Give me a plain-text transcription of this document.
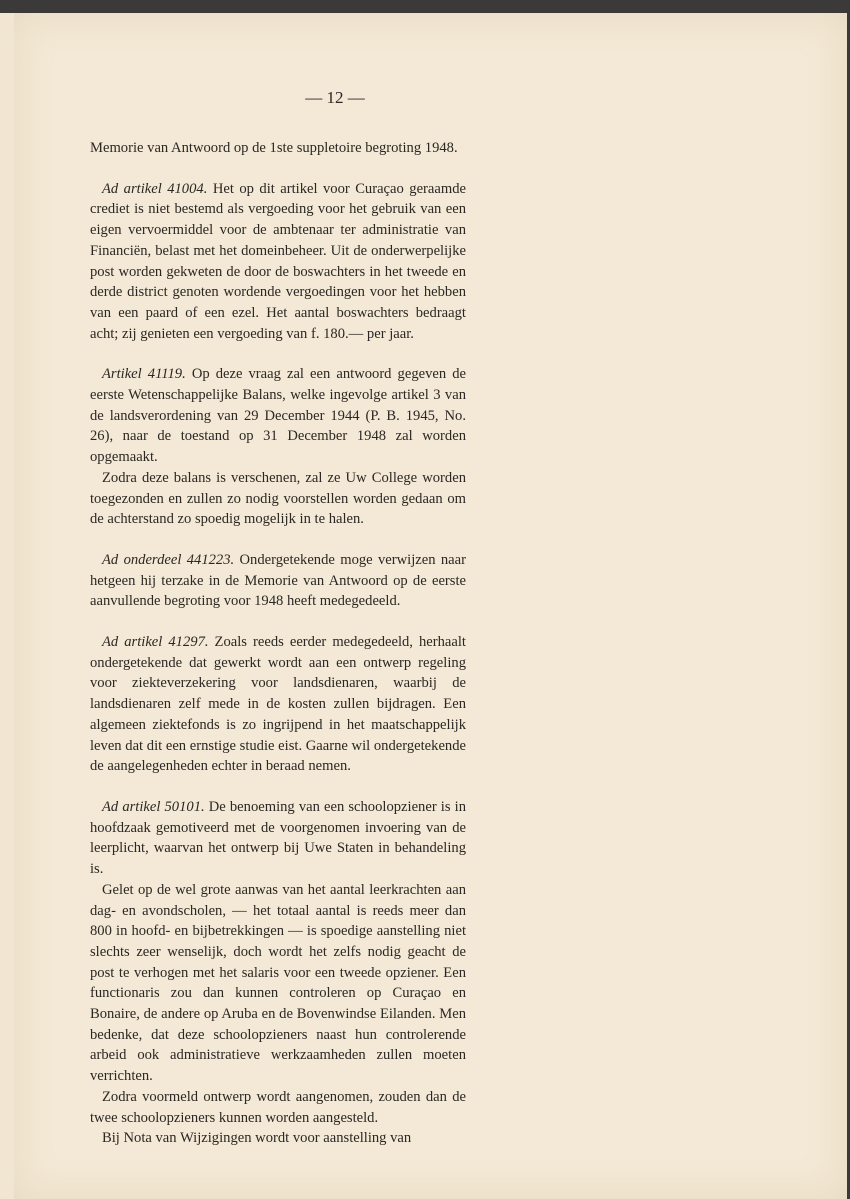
— 12 —

Memorie van Antwoord op de 1ste suppletoire begroting 1948.

Ad artikel 41004. Het op dit artikel voor Curaçao geraamde crediet is niet bestemd als vergoeding voor het gebruik van een eigen vervoermiddel voor de ambtenaar ter administratie van Financiën, belast met het domeinbeheer. Uit de onderwerpelijke post worden gekweten de door de boswachters in het tweede en derde district genoten wordende vergoedingen voor het hebben van een paard of een ezel. Het aantal boswachters bedraagt acht; zij genieten een vergoeding van f. 180.— per jaar.

Artikel 41119. Op deze vraag zal een antwoord gegeven de eerste Wetenschappelijke Balans, welke ingevolge artikel 3 van de landsverordening van 29 December 1944 (P. B. 1945, No. 26), naar de toestand op 31 December 1948 zal worden opgemaakt.

Zodra deze balans is verschenen, zal ze Uw College worden toegezonden en zullen zo nodig voorstellen worden gedaan om de achterstand zo spoedig mogelijk in te halen.

Ad onderdeel 441223. Ondergetekende moge verwijzen naar hetgeen hij terzake in de Memorie van Antwoord op de eerste aanvullende begroting voor 1948 heeft medegedeeld.

Ad artikel 41297. Zoals reeds eerder medegedeeld, herhaalt ondergetekende dat gewerkt wordt aan een ontwerp regeling voor ziekteverzekering voor landsdienaren, waarbij de landsdienaren zelf mede in de kosten zullen bijdragen. Een algemeen ziektefonds is zo ingrijpend in het maatschappelijk leven dat dit een ernstige studie eist. Gaarne wil ondergetekende de aangelegenheden echter in beraad nemen.

Ad artikel 50101. De benoeming van een schoolopziener is in hoofdzaak gemotiveerd met de voorgenomen invoering van de leerplicht, waarvan het ontwerp bij Uwe Staten in behandeling is.

Gelet op de wel grote aanwas van het aantal leerkrachten aan dag- en avondscholen, — het totaal aantal is reeds meer dan 800 in hoofd- en bijbetrekkingen — is spoedige aanstelling niet slechts zeer wenselijk, doch wordt het zelfs nodig geacht de post te verhogen met het salaris voor een tweede opziener. Een functionaris zou dan kunnen controleren op Curaçao en Bonaire, de andere op Aruba en de Bovenwindse Eilanden. Men bedenke, dat deze schoolopzieners naast hun controlerende arbeid ook administratieve werkzaamheden zullen moeten verrichten.

Zodra voormeld ontwerp wordt aangenomen, zouden dan de twee schoolopzieners kunnen worden aangesteld.

Bij Nota van Wijzigingen wordt voor aanstelling van
